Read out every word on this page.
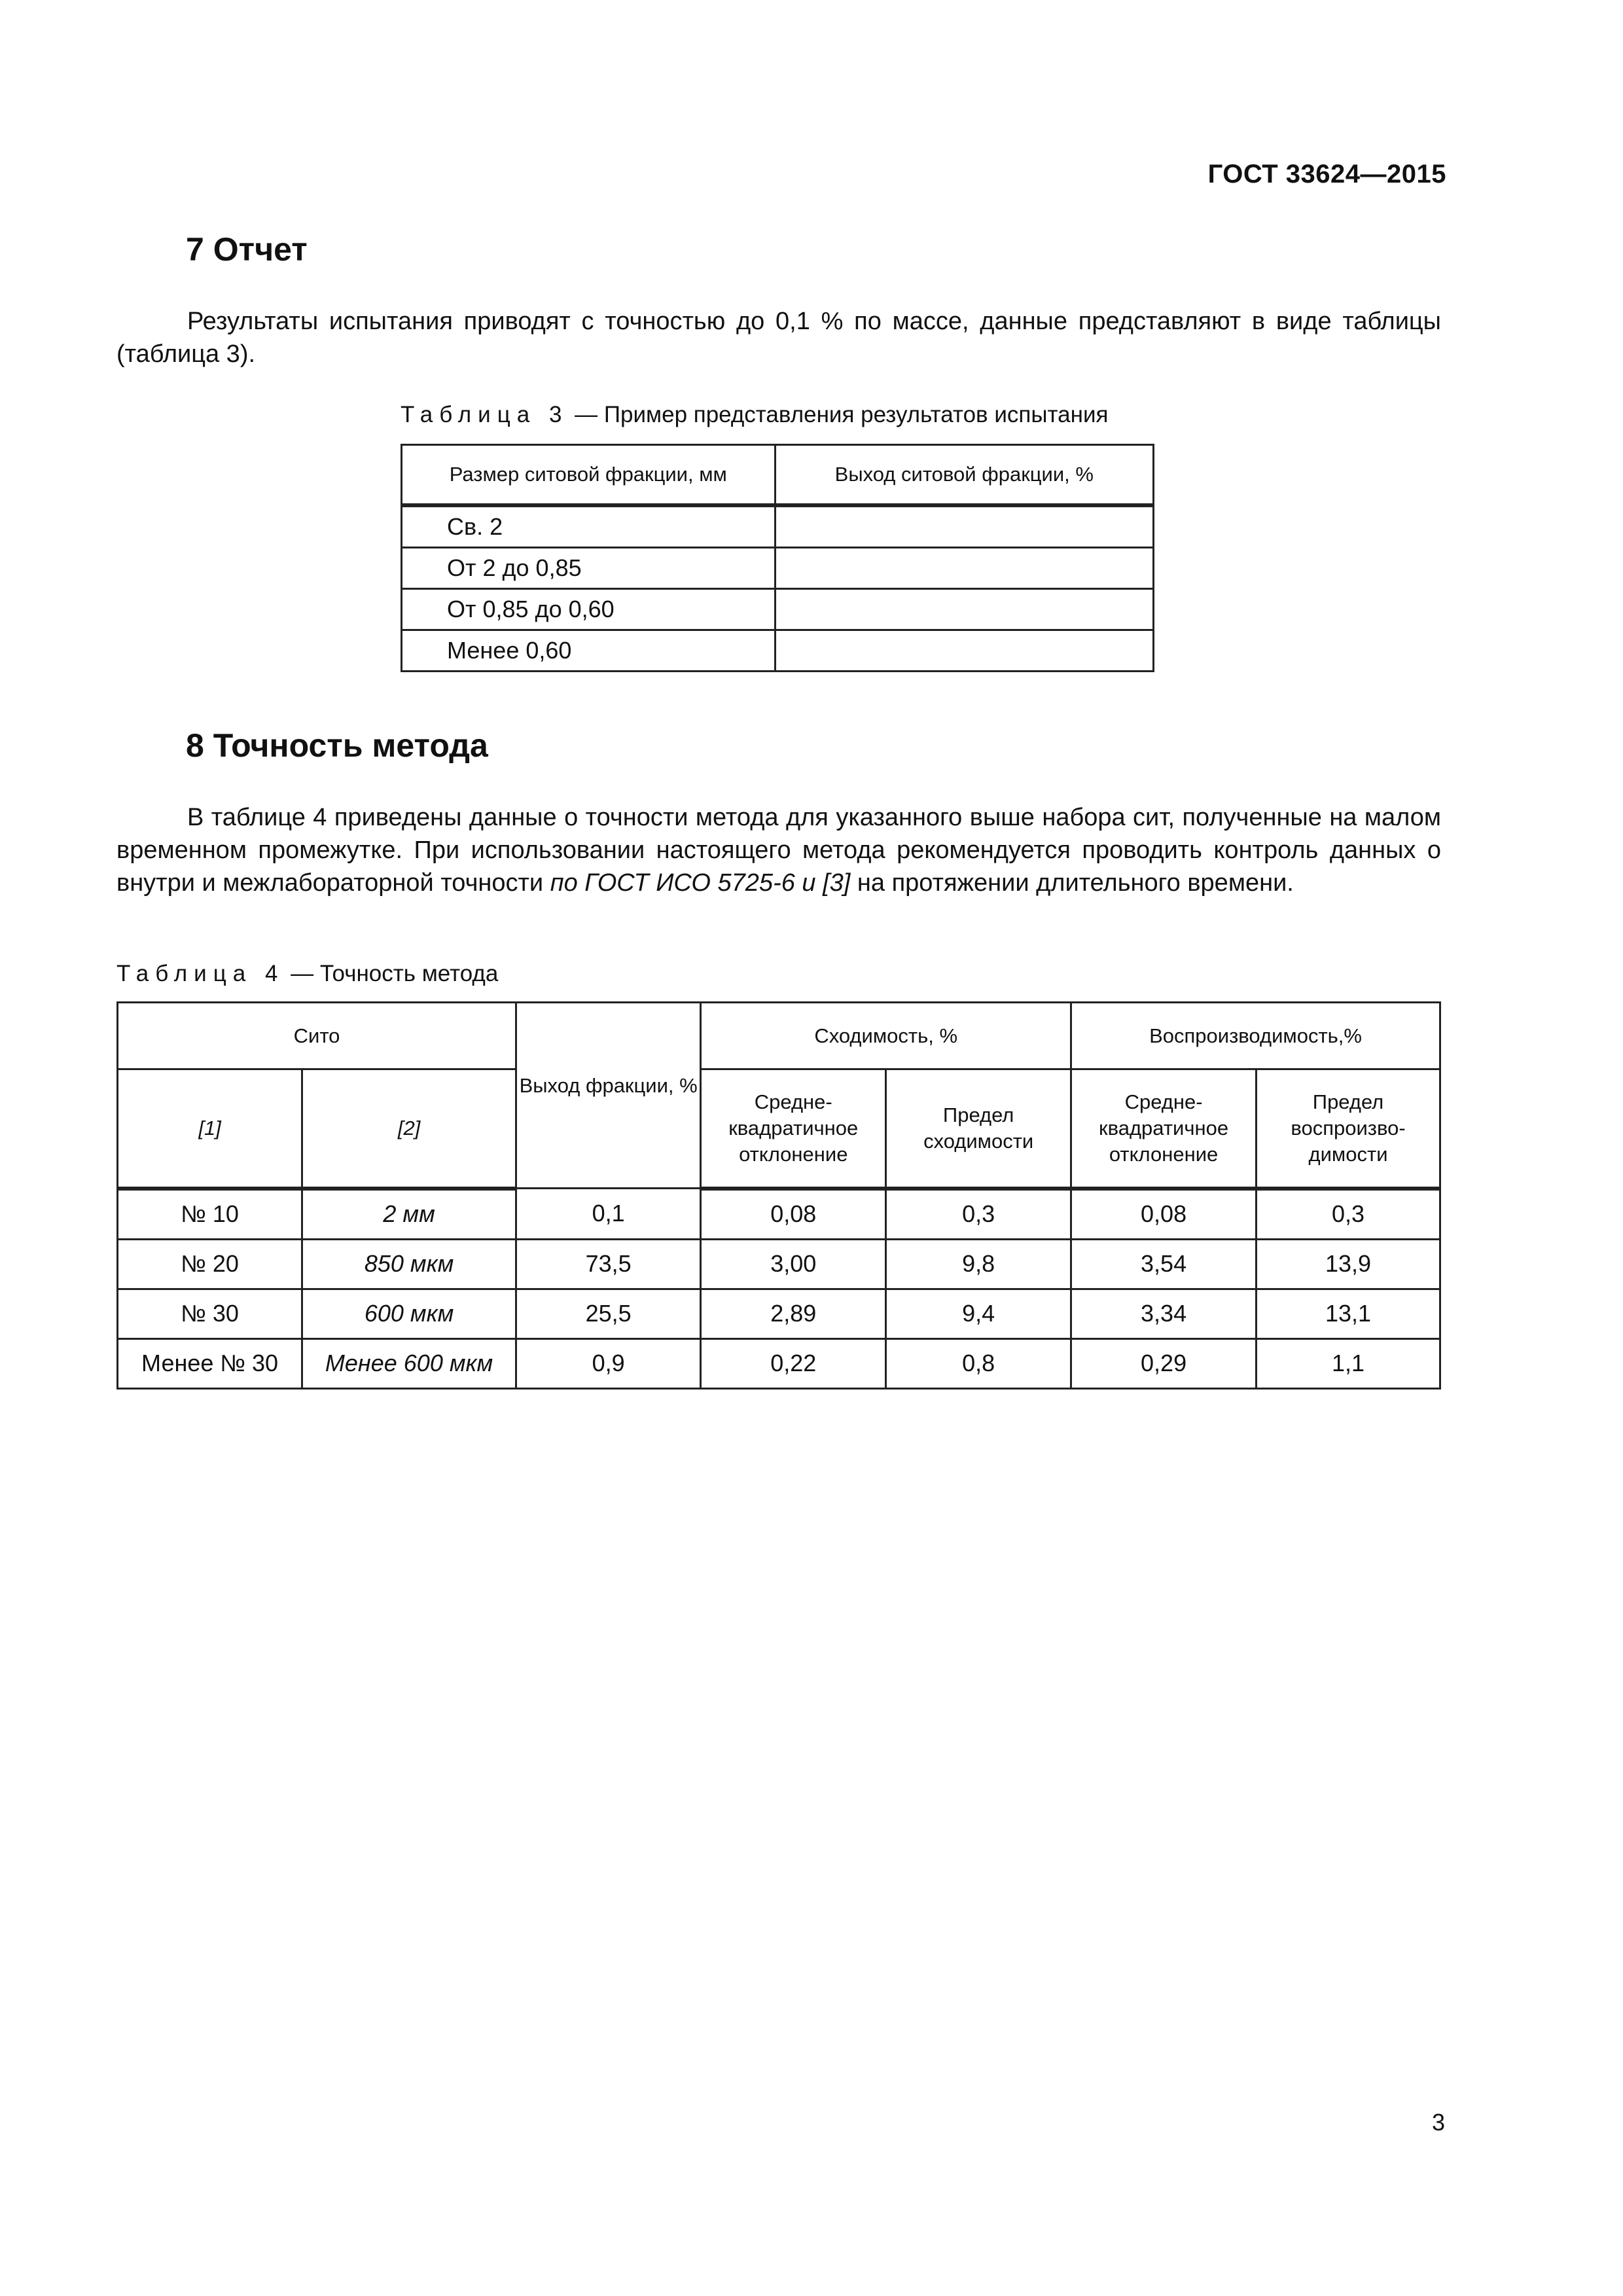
ГОСТ 33624—2015
7 Отчет
Результаты испытания приводят с точностью до 0,1 % по массе, данные представляют в виде таблицы (таблица 3).
Таблица 3 — Пример представления результатов испытания
Размер ситовой фракции, мм	Выход ситовой фракции, %
Св. 2	
От 2 до 0,85	
От 0,85 до 0,60	
Менее 0,60	
8 Точность метода
В таблице 4 приведены данные о точности метода для указанного выше набора сит, полученные на малом временном промежутке. При использовании настоящего метода рекомендуется проводить контроль данных о внутри и межлабораторной точности по ГОСТ ИСО 5725-6 и [3] на протяжении длительного времени.
Таблица 4 — Точность метода
Сито		Выход фракции, %	Сходимость, %		Воспроизводимость,%	
[1]	[2]		Средне-квадратичное отклонение	Предел сходимости	Средне-квадратичное отклонение	Предел воспроизво-димости
№ 10	2 мм	0,1	0,08	0,3	0,08	0,3
№ 20	850 мкм	73,5	3,00	9,8	3,54	13,9
№ 30	600 мкм	25,5	2,89	9,4	3,34	13,1
Менее № 30	Менее 600 мкм	0,9	0,22	0,8	0,29	1,1
3
